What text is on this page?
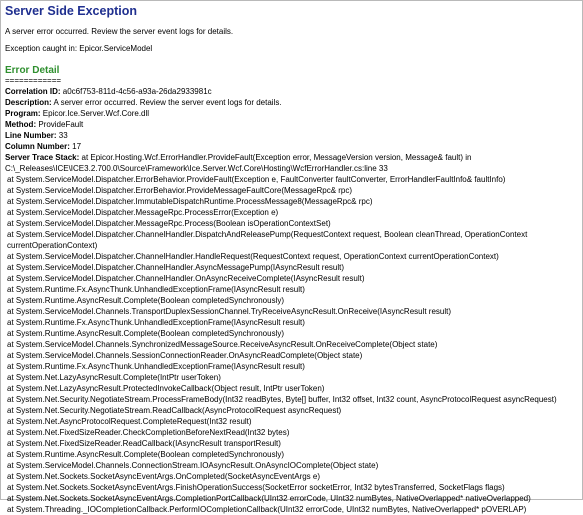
Server Side Exception
A server error occurred. Review the server event logs for details.
Exception caught in: Epicor.ServiceModel
Error Detail
============
Correlation ID: a0c6f753-811d-4c56-a93a-26da2933981c
Description: A server error occurred. Review the server event logs for details.
Program: Epicor.Ice.Server.Wcf.Core.dll
Method: ProvideFault
Line Number: 33
Column Number: 17
Server Trace Stack: at Epicor.Hosting.Wcf.ErrorHandler.ProvideFault(Exception error, MessageVersion version, Message& fault) in C:\_Releases\ICE\ICE3.2.700.0\Source\Framework\Ice.Server.Wcf.Core\Hosting\WcfErrorHandler.cs:line 33
at System.ServiceModel.Dispatcher.ErrorBehavior.ProvideFault(Exception e, FaultConverter faultConverter, ErrorHandlerFaultInfo& faultInfo)
at System.ServiceModel.Dispatcher.ErrorBehavior.ProvideMessageFaultCore(MessageRpc& rpc)
at System.ServiceModel.Dispatcher.ImmutableDispatchRuntime.ProcessMessage8(MessageRpc& rpc)
at System.ServiceModel.Dispatcher.MessageRpc.ProcessError(Exception e)
at System.ServiceModel.Dispatcher.MessageRpc.Process(Boolean isOperationContextSet)
at System.ServiceModel.Dispatcher.ChannelHandler.DispatchAndReleasePump(RequestContext request, Boolean cleanThread, OperationContext currentOperationContext)
at System.ServiceModel.Dispatcher.ChannelHandler.HandleRequest(RequestContext request, OperationContext currentOperationContext)
at System.ServiceModel.Dispatcher.ChannelHandler.AsyncMessagePump(IAsyncResult result)
at System.ServiceModel.Dispatcher.ChannelHandler.OnAsyncReceiveComplete(IAsyncResult result)
at System.Runtime.Fx.AsyncThunk.UnhandledExceptionFrame(IAsyncResult result)
at System.Runtime.AsyncResult.Complete(Boolean completedSynchronously)
at System.ServiceModel.Channels.TransportDuplexSessionChannel.TryReceiveAsyncResult.OnReceive(IAsyncResult result)
at System.Runtime.Fx.AsyncThunk.UnhandledExceptionFrame(IAsyncResult result)
at System.Runtime.AsyncResult.Complete(Boolean completedSynchronously)
at System.ServiceModel.Channels.SynchronizedMessageSource.ReceiveAsyncResult.OnReceiveComplete(Object state)
at System.ServiceModel.Channels.SessionConnectionReader.OnAsyncReadComplete(Object state)
at System.Runtime.Fx.AsyncThunk.UnhandledExceptionFrame(IAsyncResult result)
at System.Net.LazyAsyncResult.Complete(IntPtr userToken)
at System.Net.LazyAsyncResult.ProtectedInvokeCallback(Object result, IntPtr userToken)
at System.Net.Security.NegotiateStream.ProcessFrameBody(Int32 readBytes, Byte[] buffer, Int32 offset, Int32 count, AsyncProtocolRequest asyncRequest)
at System.Net.Security.NegotiateStream.ReadCallback(AsyncProtocolRequest asyncRequest)
at System.Net.AsyncProtocolRequest.CompleteRequest(Int32 result)
at System.Net.FixedSizeReader.CheckCompletionBeforeNextRead(Int32 bytes)
at System.Net.FixedSizeReader.ReadCallback(IAsyncResult transportResult)
at System.Runtime.AsyncResult.Complete(Boolean completedSynchronously)
at System.ServiceModel.Channels.ConnectionStream.IOAsyncResult.OnAsyncIOComplete(Object state)
at System.Net.Sockets.SocketAsyncEventArgs.OnCompleted(SocketAsyncEventArgs e)
at System.Net.Sockets.SocketAsyncEventArgs.FinishOperationSuccess(SocketError socketError, Int32 bytesTransferred, SocketFlags flags)
at System.Net.Sockets.SocketAsyncEventArgs.CompletionPortCallback(UInt32 errorCode, UInt32 numBytes, NativeOverlapped* nativeOverlapped)
at System.Threading._IOCompletionCallback.PerformIOCompletionCallback(UInt32 errorCode, UInt32 numBytes, NativeOverlapped* pOVERLAP)
